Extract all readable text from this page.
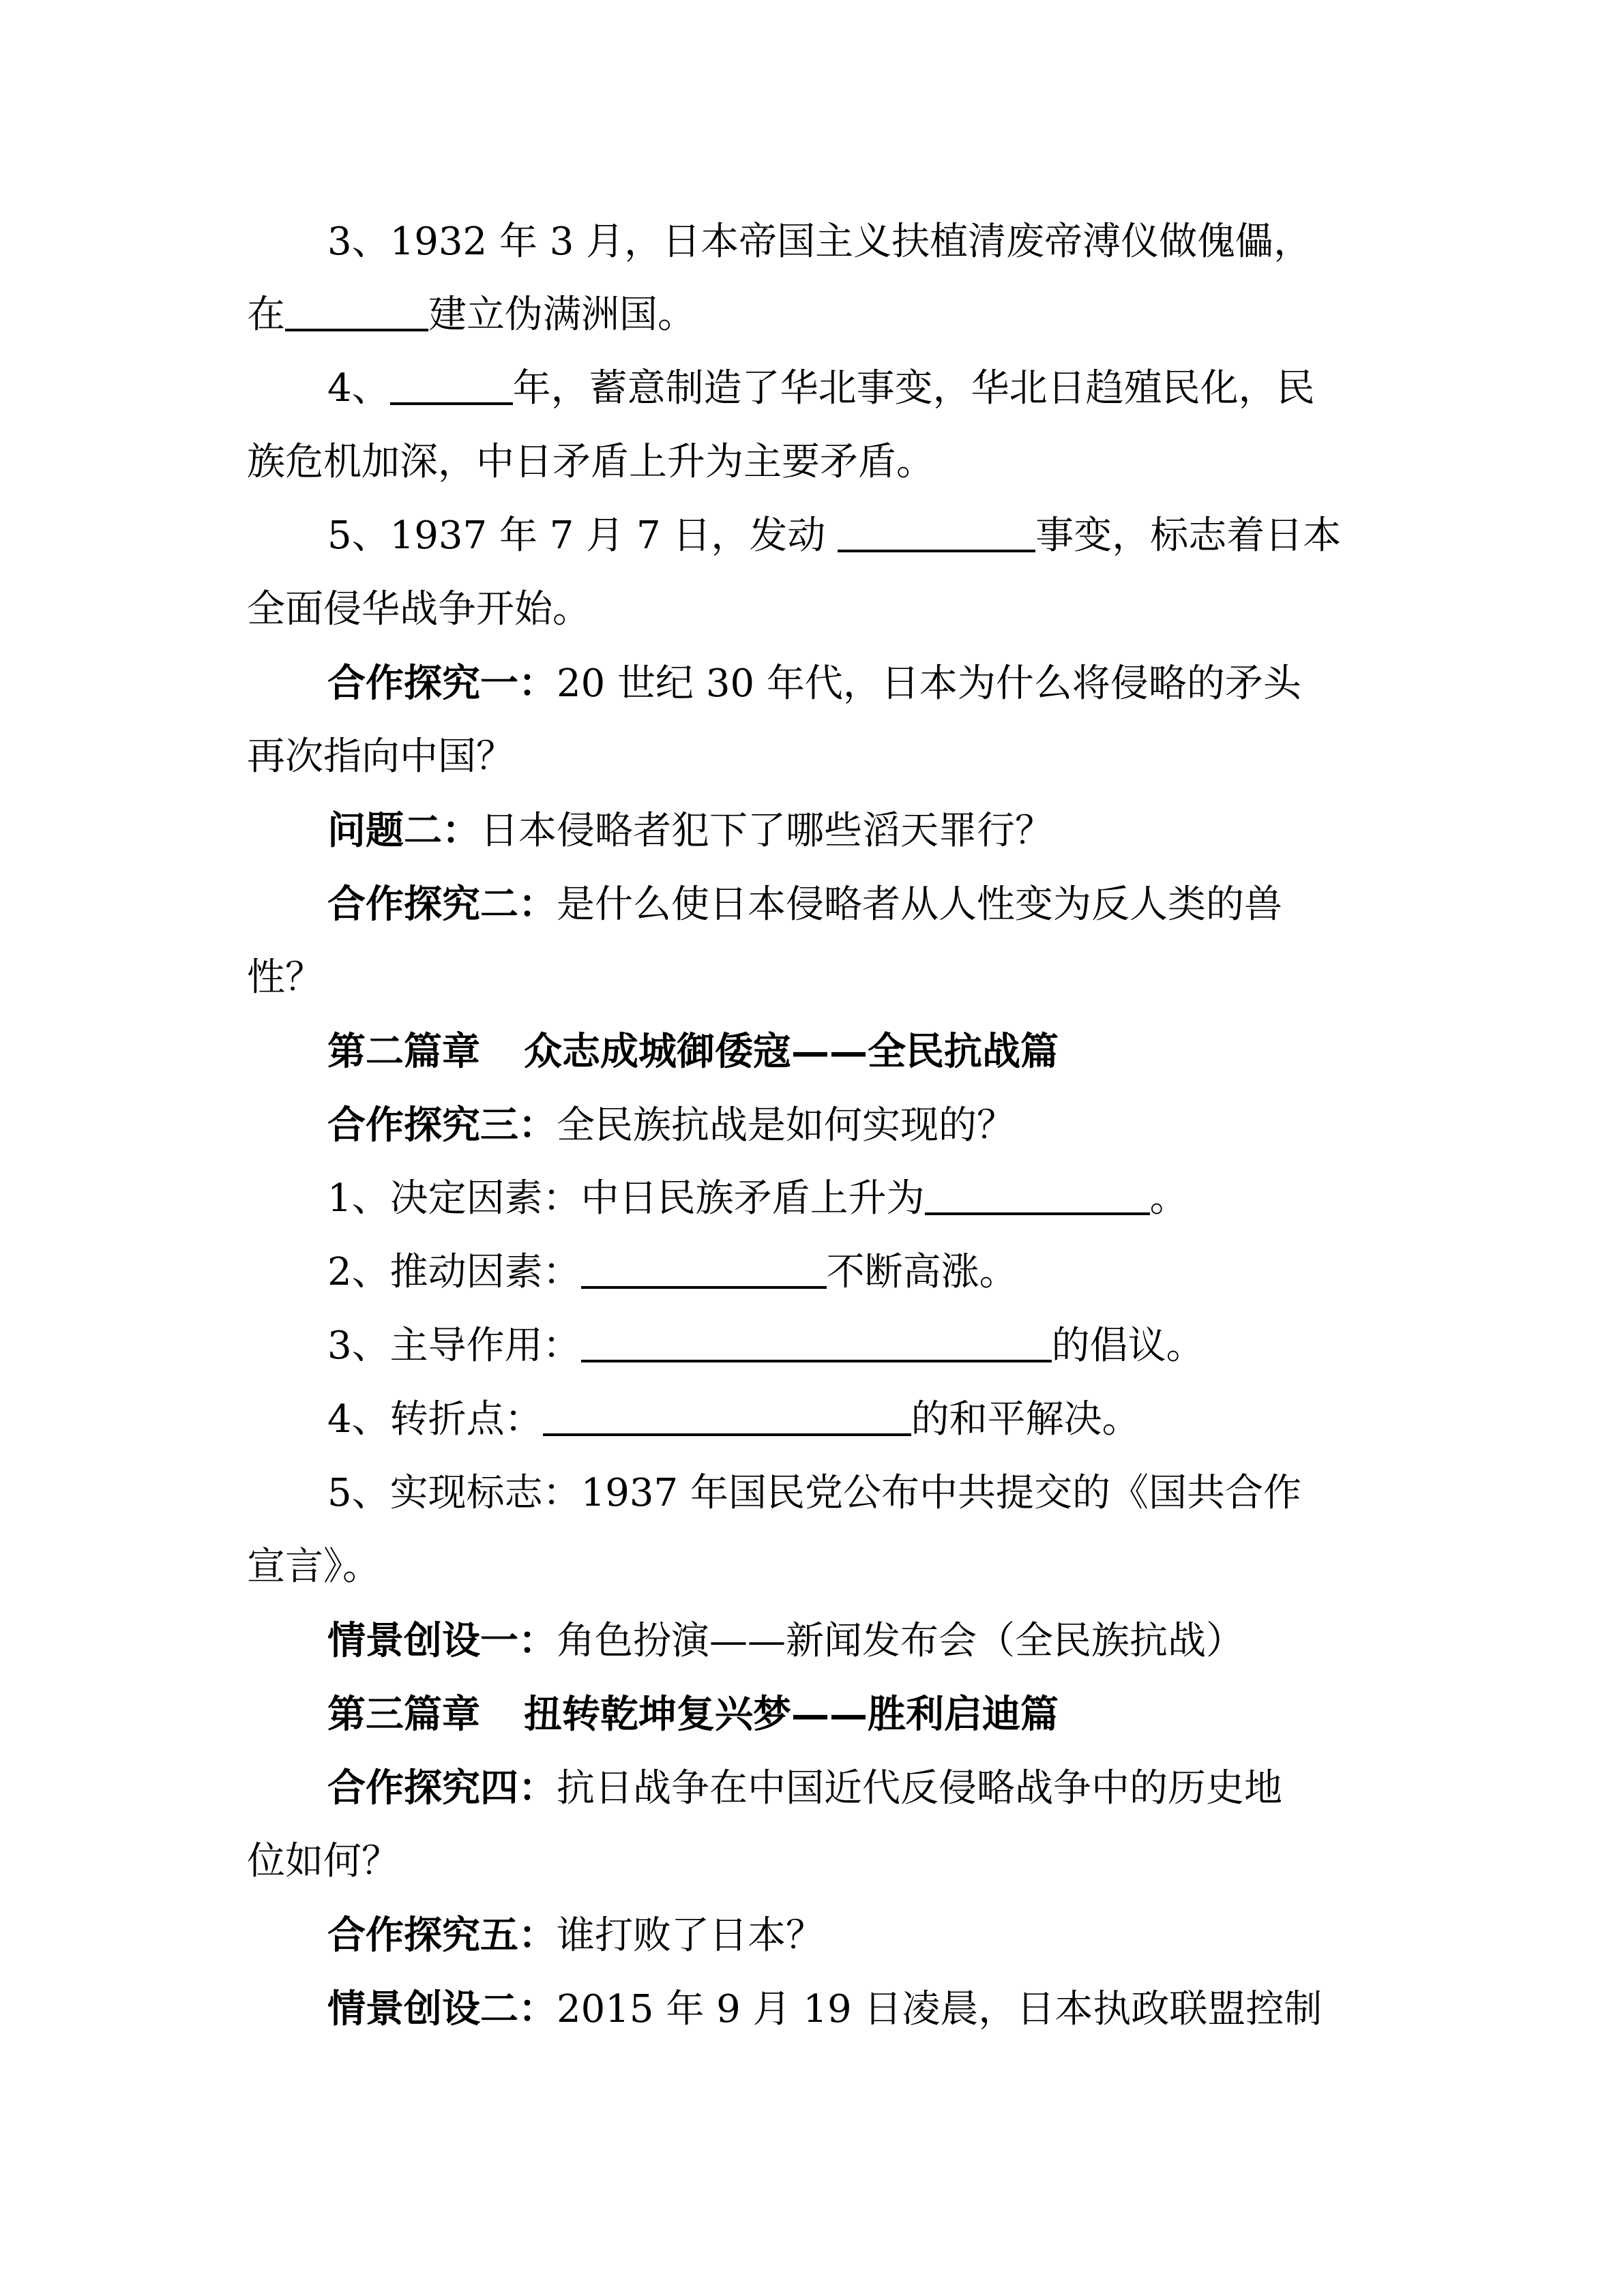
3、1932 年 3 月，日本帝国主义扶植清废帝溥仪做傀儡，
在	建立伪满洲国。
4、	年，蓄意制造了华北事变，华北日趋殖民化，民
族危机加深，中日矛盾上升为主要矛盾。
5、1937 年 7 月 7 日，发动	事变，标志着日本
全面侵华战争开始。
合作探究一：20 世纪 30 年代，日本为什么将侵略的矛头
再次指向中国？
问题二：日本侵略者犯下了哪些滔天罪行？
合作探究二：是什么使日本侵略者从人性变为反人类的兽
性？
第二篇章 众志成城御倭寇——全民抗战篇
合作探究三：全民族抗战是如何实现的？
1、决定因素：中日民族矛盾上升为	。
2、推动因素：	不断高涨。
3、主导作用：	的倡议。
4、转折点：	的和平解决。
5、实现标志：1937 年国民党公布中共提交的《国共合作
宣言》。
情景创设一：角色扮演——新闻发布会（全民族抗战）
第三篇章 扭转乾坤复兴梦——胜利启迪篇
合作探究四：抗日战争在中国近代反侵略战争中的历史地
位如何？
合作探究五：谁打败了日本？
情景创设二：2015 年 9 月 19 日凌晨，日本执政联盟控制
